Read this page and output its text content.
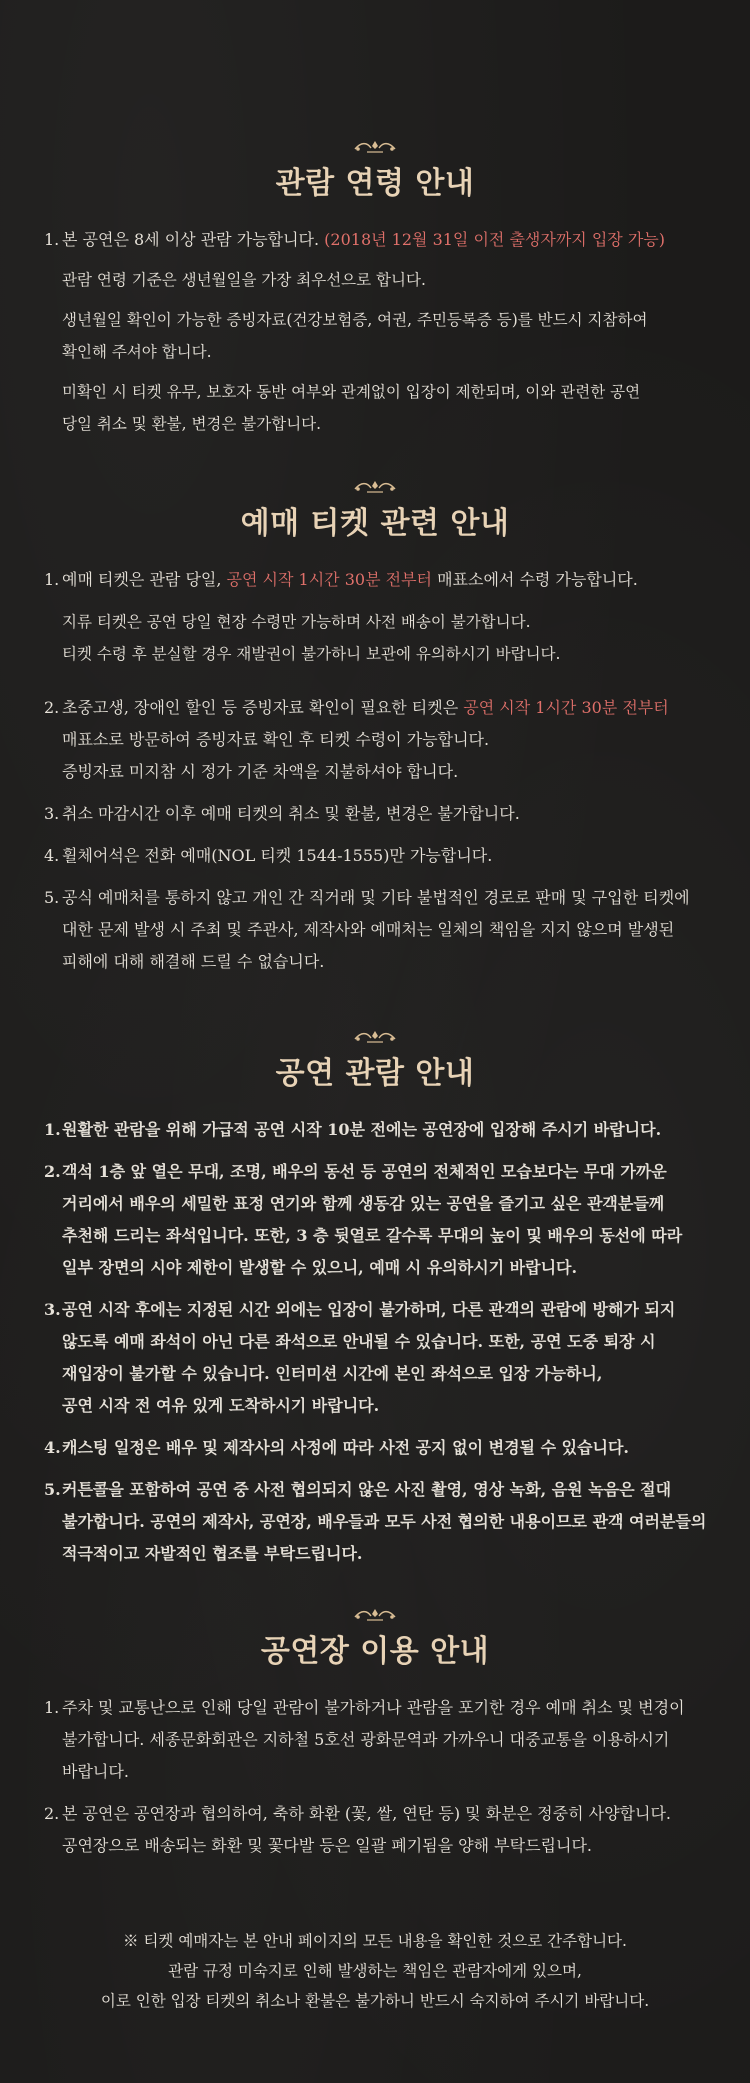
관람 연령 안내
1. 본 공연은 8세 이상 관람 가능합니다. (2018년 12월 31일 이전 출생자까지 입장 가능)
관람 연령 기준은 생년월일을 가장 최우선으로 합니다.
생년월일 확인이 가능한 증빙자료(건강보험증, 여권, 주민등록증 등)를 반드시 지참하여
확인해 주셔야 합니다.
미확인 시 티켓 유무, 보호자 동반 여부와 관계없이 입장이 제한되며, 이와 관련한 공연
당일 취소 및 환불, 변경은 불가합니다.
예매 티켓 관련 안내
1. 예매 티켓은 관람 당일, 공연 시작 1시간 30분 전부터 매표소에서 수령 가능합니다.
지류 티켓은 공연 당일 현장 수령만 가능하며 사전 배송이 불가합니다.
티켓 수령 후 분실할 경우 재발권이 불가하니 보관에 유의하시기 바랍니다.
2. 초중고생, 장애인 할인 등 증빙자료 확인이 필요한 티켓은 공연 시작 1시간 30분 전부터
매표소로 방문하여 증빙자료 확인 후 티켓 수령이 가능합니다.
증빙자료 미지참 시 정가 기준 차액을 지불하셔야 합니다.
3. 취소 마감시간 이후 예매 티켓의 취소 및 환불, 변경은 불가합니다.
4. 휠체어석은 전화 예매(NOL 티켓 1544-1555)만 가능합니다.
5. 공식 예매처를 통하지 않고 개인 간 직거래 및 기타 불법적인 경로로 판매 및 구입한 티켓에
대한 문제 발생 시 주최 및 주관사, 제작사와 예매처는 일체의 책임을 지지 않으며 발생된
피해에 대해 해결해 드릴 수 없습니다.
공연 관람 안내
1. 원활한 관람을 위해 가급적 공연 시작 10분 전에는 공연장에 입장해 주시기 바랍니다.
2. 객석 1층 앞 열은 무대, 조명, 배우의 동선 등 공연의 전체적인 모습보다는 무대 가까운
거리에서 배우의 세밀한 표정 연기와 함께 생동감 있는 공연을 즐기고 싶은 관객분들께
추천해 드리는 좌석입니다. 또한, 3 층 뒷열로 갈수록 무대의 높이 및 배우의 동선에 따라
일부 장면의 시야 제한이 발생할 수 있으니, 예매 시 유의하시기 바랍니다.
3. 공연 시작 후에는 지정된 시간 외에는 입장이 불가하며, 다른 관객의 관람에 방해가 되지
않도록 예매 좌석이 아닌 다른 좌석으로 안내될 수 있습니다. 또한, 공연 도중 퇴장 시
재입장이 불가할 수 있습니다. 인터미션 시간에 본인 좌석으로 입장 가능하니,
공연 시작 전 여유 있게 도착하시기 바랍니다.
4. 캐스팅 일정은 배우 및 제작사의 사정에 따라 사전 공지 없이 변경될 수 있습니다.
5. 커튼콜을 포함하여 공연 중 사전 협의되지 않은 사진 촬영, 영상 녹화, 음원 녹음은 절대
불가합니다. 공연의 제작사, 공연장, 배우들과 모두 사전 협의한 내용이므로 관객 여러분들의
적극적이고 자발적인 협조를 부탁드립니다.
공연장 이용 안내
1. 주차 및 교통난으로 인해 당일 관람이 불가하거나 관람을 포기한 경우 예매 취소 및 변경이
불가합니다. 세종문화회관은 지하철 5호선 광화문역과 가까우니 대중교통을 이용하시기
바랍니다.
2. 본 공연은 공연장과 협의하여, 축하 화환 (꽃, 쌀, 연탄 등) 및 화분은 정중히 사양합니다.
공연장으로 배송되는 화환 및 꽃다발 등은 일괄 폐기됨을 양해 부탁드립니다.
※ 티켓 예매자는 본 안내 페이지의 모든 내용을 확인한 것으로 간주합니다.
관람 규정 미숙지로 인해 발생하는 책임은 관람자에게 있으며,
이로 인한 입장 티켓의 취소나 환불은 불가하니 반드시 숙지하여 주시기 바랍니다.
